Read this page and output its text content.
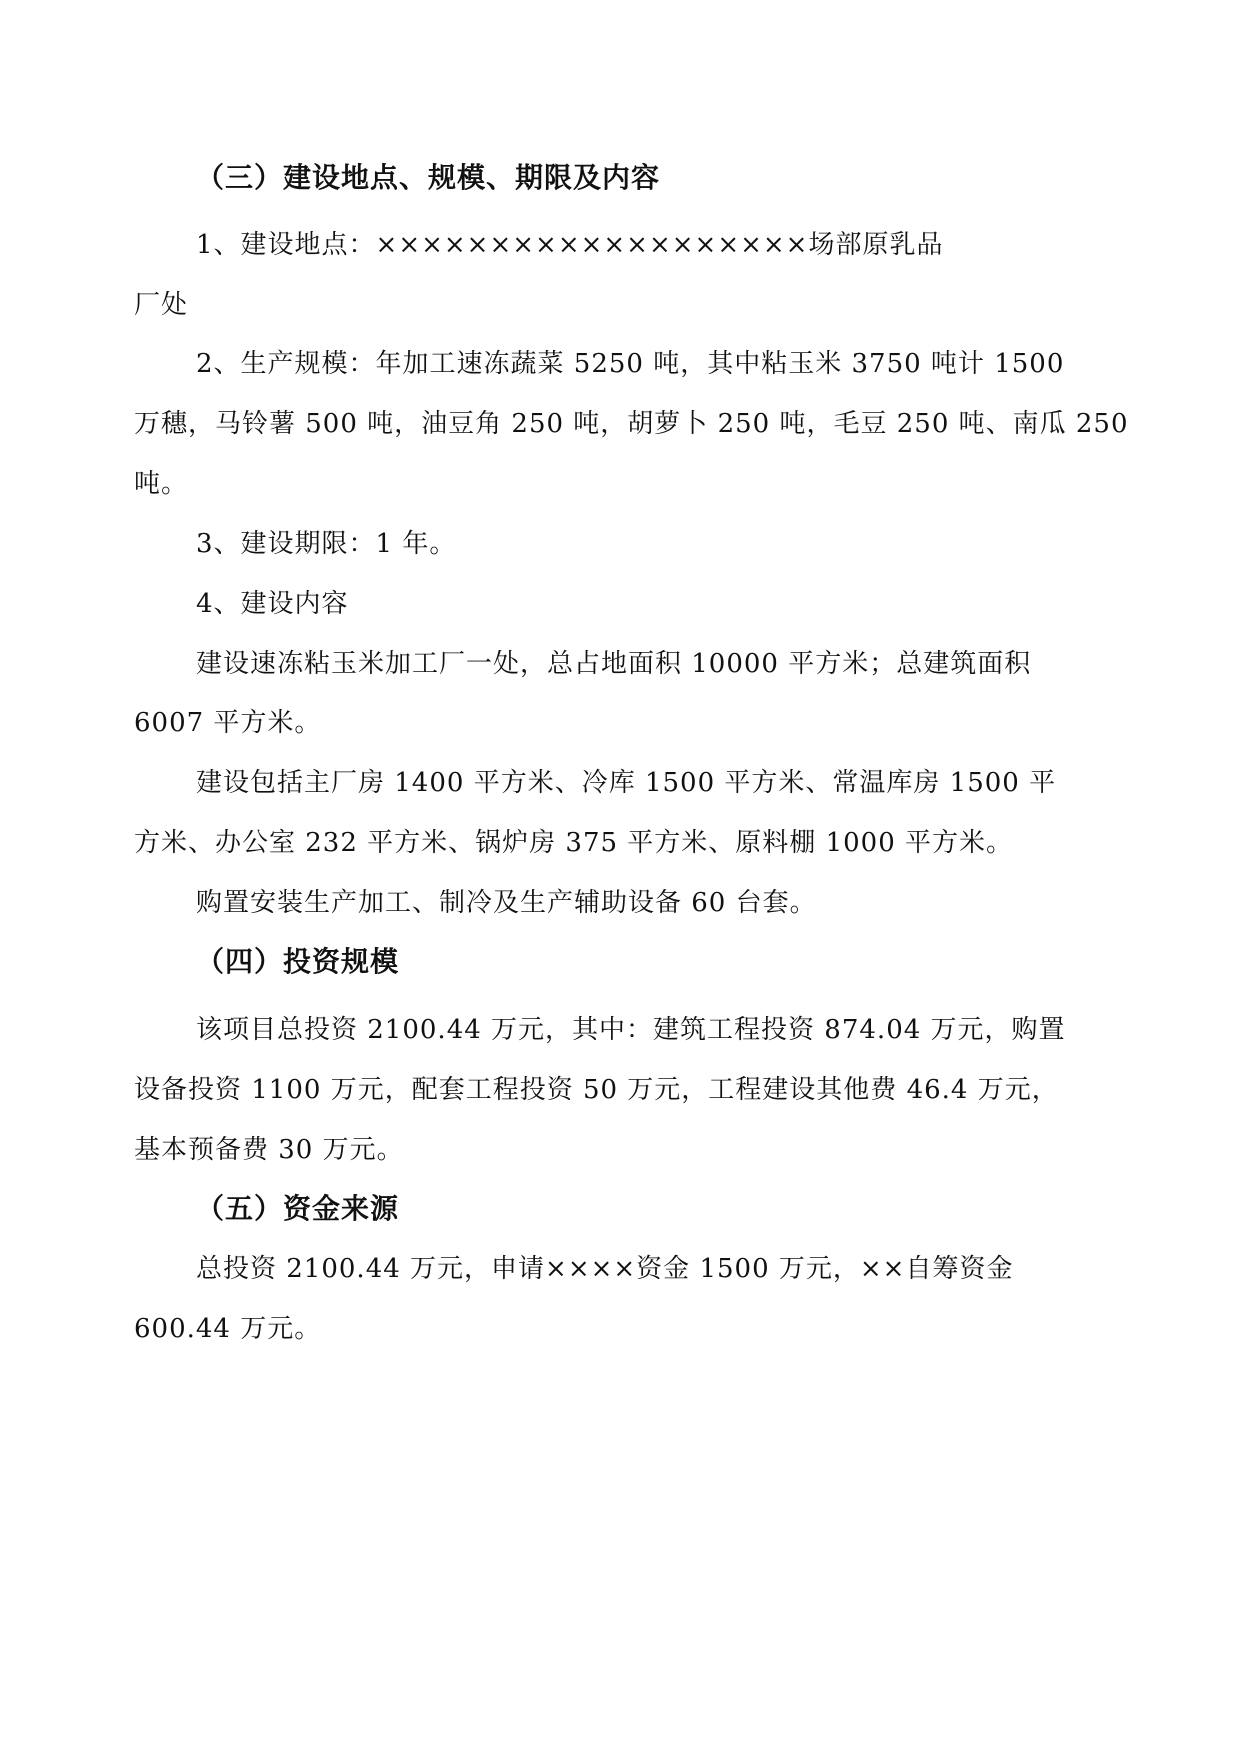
（三）建设地点、规模、期限及内容
1、建设地点：×××××××××××××××××××场部原乳品
厂处
2、生产规模：年加工速冻蔬菜 5250 吨，其中粘玉米 3750 吨计 1500
万穗，马铃薯 500 吨，油豆角 250 吨，胡萝卜 250 吨，毛豆 250 吨、南瓜 250
吨。
3、建设期限：1 年。
4、建设内容
建设速冻粘玉米加工厂一处，总占地面积 10000 平方米；总建筑面积
6007 平方米。
建设包括主厂房 1400 平方米、冷库 1500 平方米、常温库房 1500 平
方米、办公室 232 平方米、锅炉房 375 平方米、原料棚 1000 平方米。
购置安装生产加工、制冷及生产辅助设备 60 台套。
（四）投资规模
该项目总投资 2100.44 万元，其中：建筑工程投资 874.04 万元，购置
设备投资 1100 万元，配套工程投资 50 万元，工程建设其他费 46.4 万元，
基本预备费 30 万元。
（五）资金来源
总投资 2100.44 万元，申请××××资金 1500 万元，××自筹资金
600.44 万元。
